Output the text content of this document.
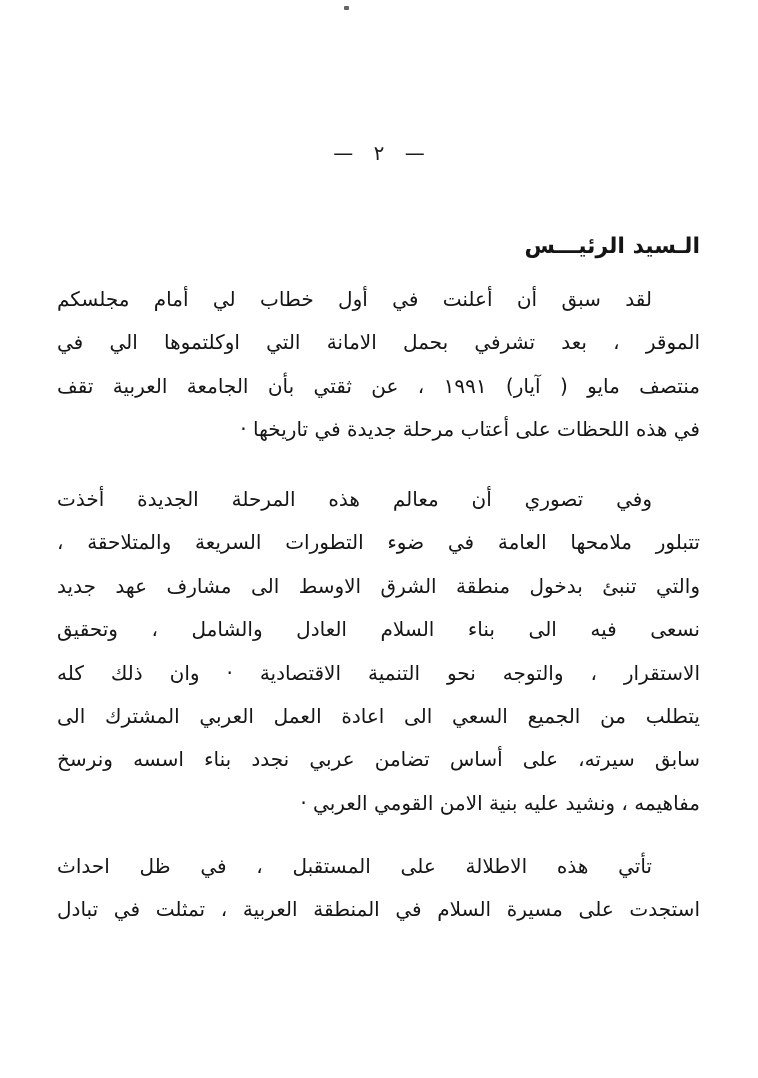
— ٢ —
الـسيد الرئيـــس
لقد سبق أن أعلنت في أول خطاب لي أمام مجلسكم
الموقر ، بعد تشرفي بحمل الامانة التي اوكلتموها الي في
منتصف مايو ( آيار) ١٩٩١ ، عن ثقتي بأن الجامعة العربية تقف
في هذه اللحظات على أعتاب مرحلة جديدة في تاريخها ·
وفي تصوري أن معالم هذه المرحلة الجديدة أخذت
تتبلور ملامحها العامة في ضوء التطورات السريعة والمتلاحقة ،
والتي تنبئ بدخول منطقة الشرق الاوسط الى مشارف عهد جديد
نسعى فيه الى بناء السلام العادل والشامل ، وتحقيق
الاستقرار ، والتوجه نحو التنمية الاقتصادية · وان ذلك كله
يتطلب من الجميع السعي الى اعادة العمل العربي المشترك الى
سابق سيرته، على أساس تضامن عربي نجدد بناء اسسه ونرسخ
مفاهيمه ، ونشيد عليه بنية الامن القومي العربي ·
تأتي هذه الاطلالة على المستقبل ، في ظل احداث
استجدت على مسيرة السلام في المنطقة العربية ، تمثلت في تبادل
